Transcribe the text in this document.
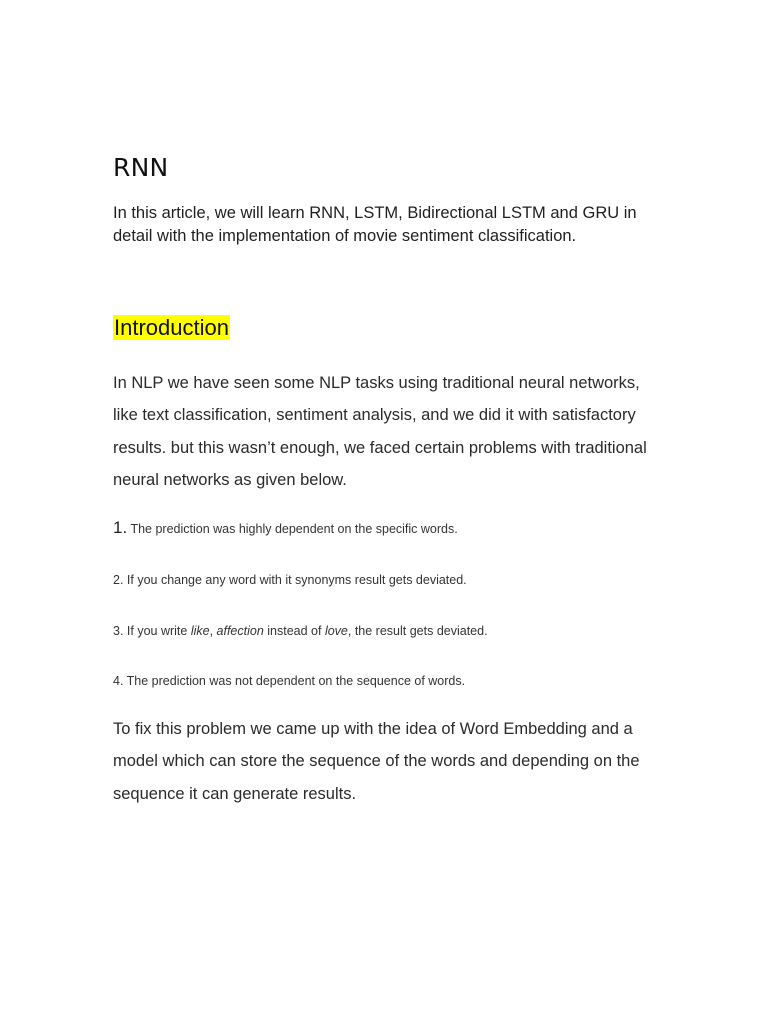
RNN

In this article, we will learn RNN, LSTM, Bidirectional LSTM and GRU in detail with the implementation of movie sentiment classification.

Introduction

In NLP we have seen some NLP tasks using traditional neural networks, like text classification, sentiment analysis, and we did it with satisfactory results. but this wasn’t enough, we faced certain problems with traditional neural networks as given below.

1. The prediction was highly dependent on the specific words.

2. If you change any word with it synonyms result gets deviated.

3. If you write like, affection instead of love, the result gets deviated.

4. The prediction was not dependent on the sequence of words.

To fix this problem we came up with the idea of Word Embedding and a model which can store the sequence of the words and depending on the sequence it can generate results.
